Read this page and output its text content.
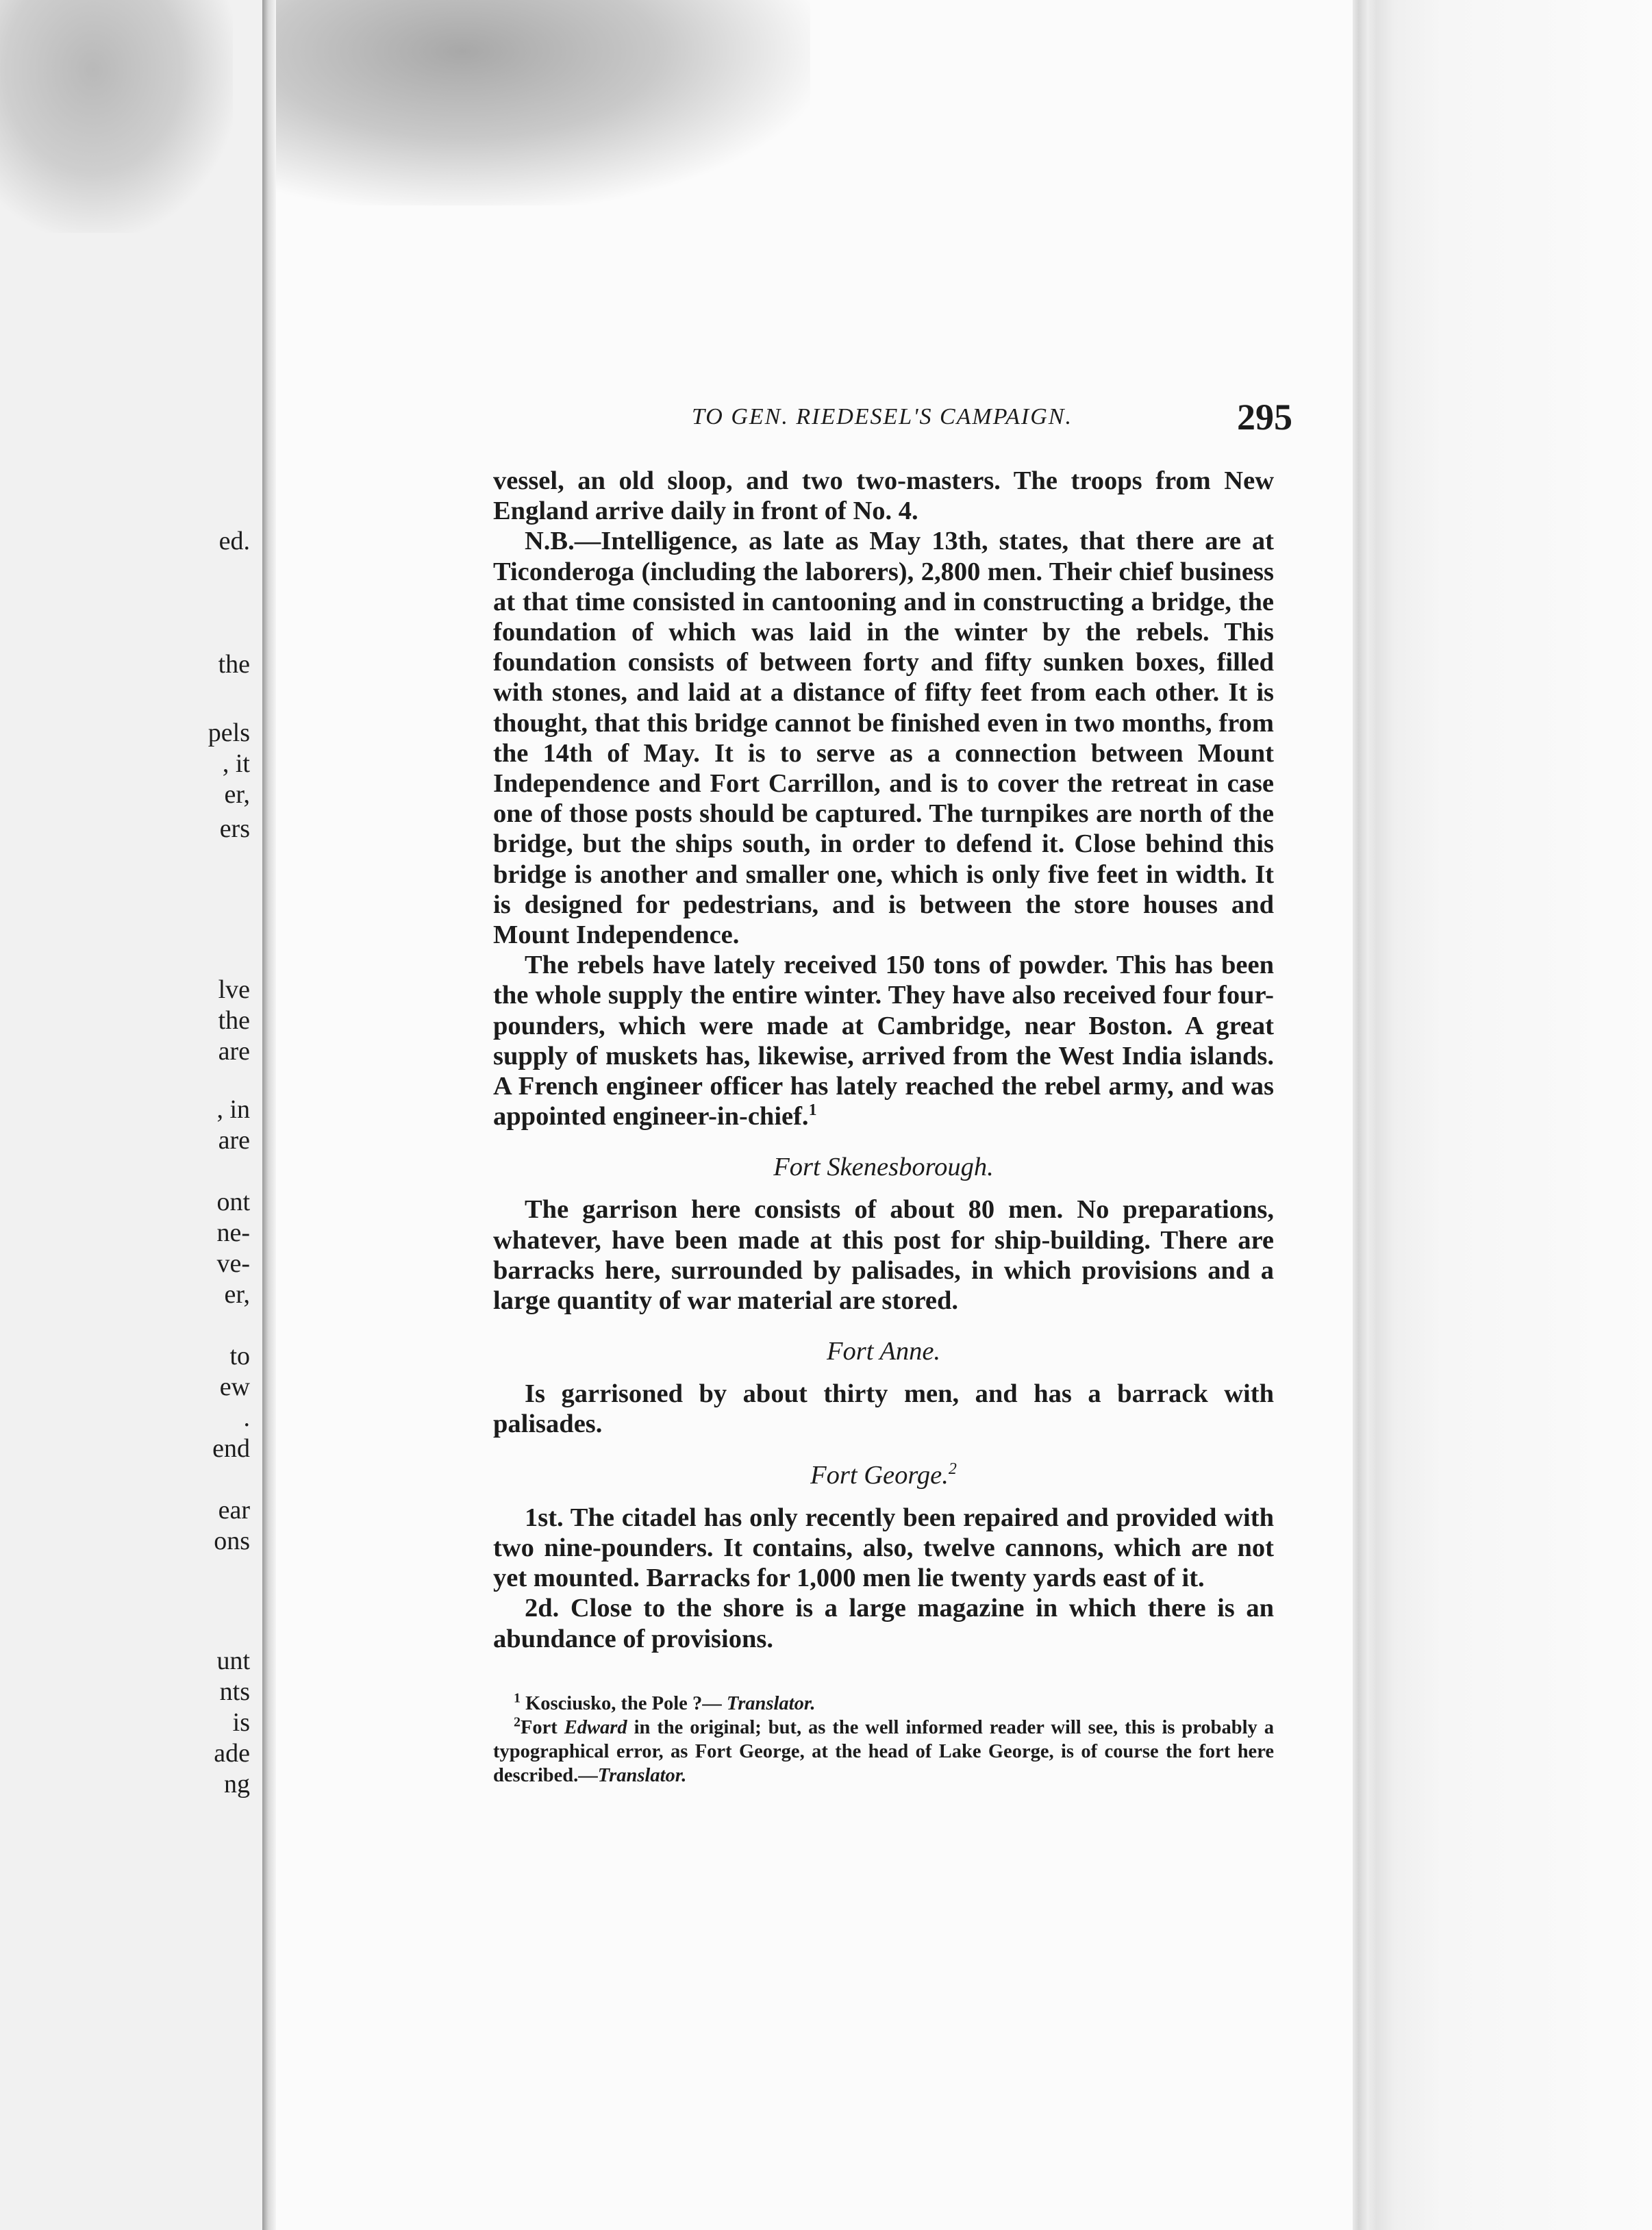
ed.
the
pels
, it
er,
ers
lve
the
are
, in
are
ont
ne-
ve-
er,
to
ew
.
end
ear
ons
unt
nts
is
ade
ng
TO GEN. RIEDESEL'S CAMPAIGN.	295

vessel, an old sloop, and two two-masters. The troops from New England arrive daily in front of No. 4.

N.B.—Intelligence, as late as May 13th, states, that there are at Ticonderoga (including the laborers), 2,800 men. Their chief business at that time consisted in cantooning and in constructing a bridge, the foundation of which was laid in the winter by the rebels. This foundation consists of between forty and fifty sunken boxes, filled with stones, and laid at a distance of fifty feet from each other. It is thought, that this bridge cannot be finished even in two months, from the 14th of May. It is to serve as a connection between Mount Independence and Fort Carrillon, and is to cover the retreat in case one of those posts should be captured. The turnpikes are north of the bridge, but the ships south, in order to defend it. Close behind this bridge is another and smaller one, which is only five feet in width. It is designed for pedestrians, and is between the store houses and Mount Independence.

The rebels have lately received 150 tons of powder. This has been the whole supply the entire winter. They have also received four four-pounders, which were made at Cambridge, near Boston. A great supply of muskets has, likewise, arrived from the West India islands. A French engineer officer has lately reached the rebel army, and was appointed engineer-in-chief.$^1$

Fort Skenesborough.

The garrison here consists of about 80 men. No preparations, whatever, have been made at this post for ship-building. There are barracks here, surrounded by palisades, in which provisions and a large quantity of war material are stored.

Fort Anne.

Is garrisoned by about thirty men, and has a barrack with palisades.

Fort George.$^2$

1st. The citadel has only recently been repaired and provided with two nine-pounders. It contains, also, twelve cannons, which are not yet mounted. Barracks for 1,000 men lie twenty yards east of it.

2d. Close to the shore is a large magazine in which there is an abundance of provisions.

$^1$ Kosciusko, the Pole ?— Translator.

$^2$Fort Edward in the original; but, as the well informed reader will see, this is probably a typographical error, as Fort George, at the head of Lake George, is of course the fort here described.—Translator.
